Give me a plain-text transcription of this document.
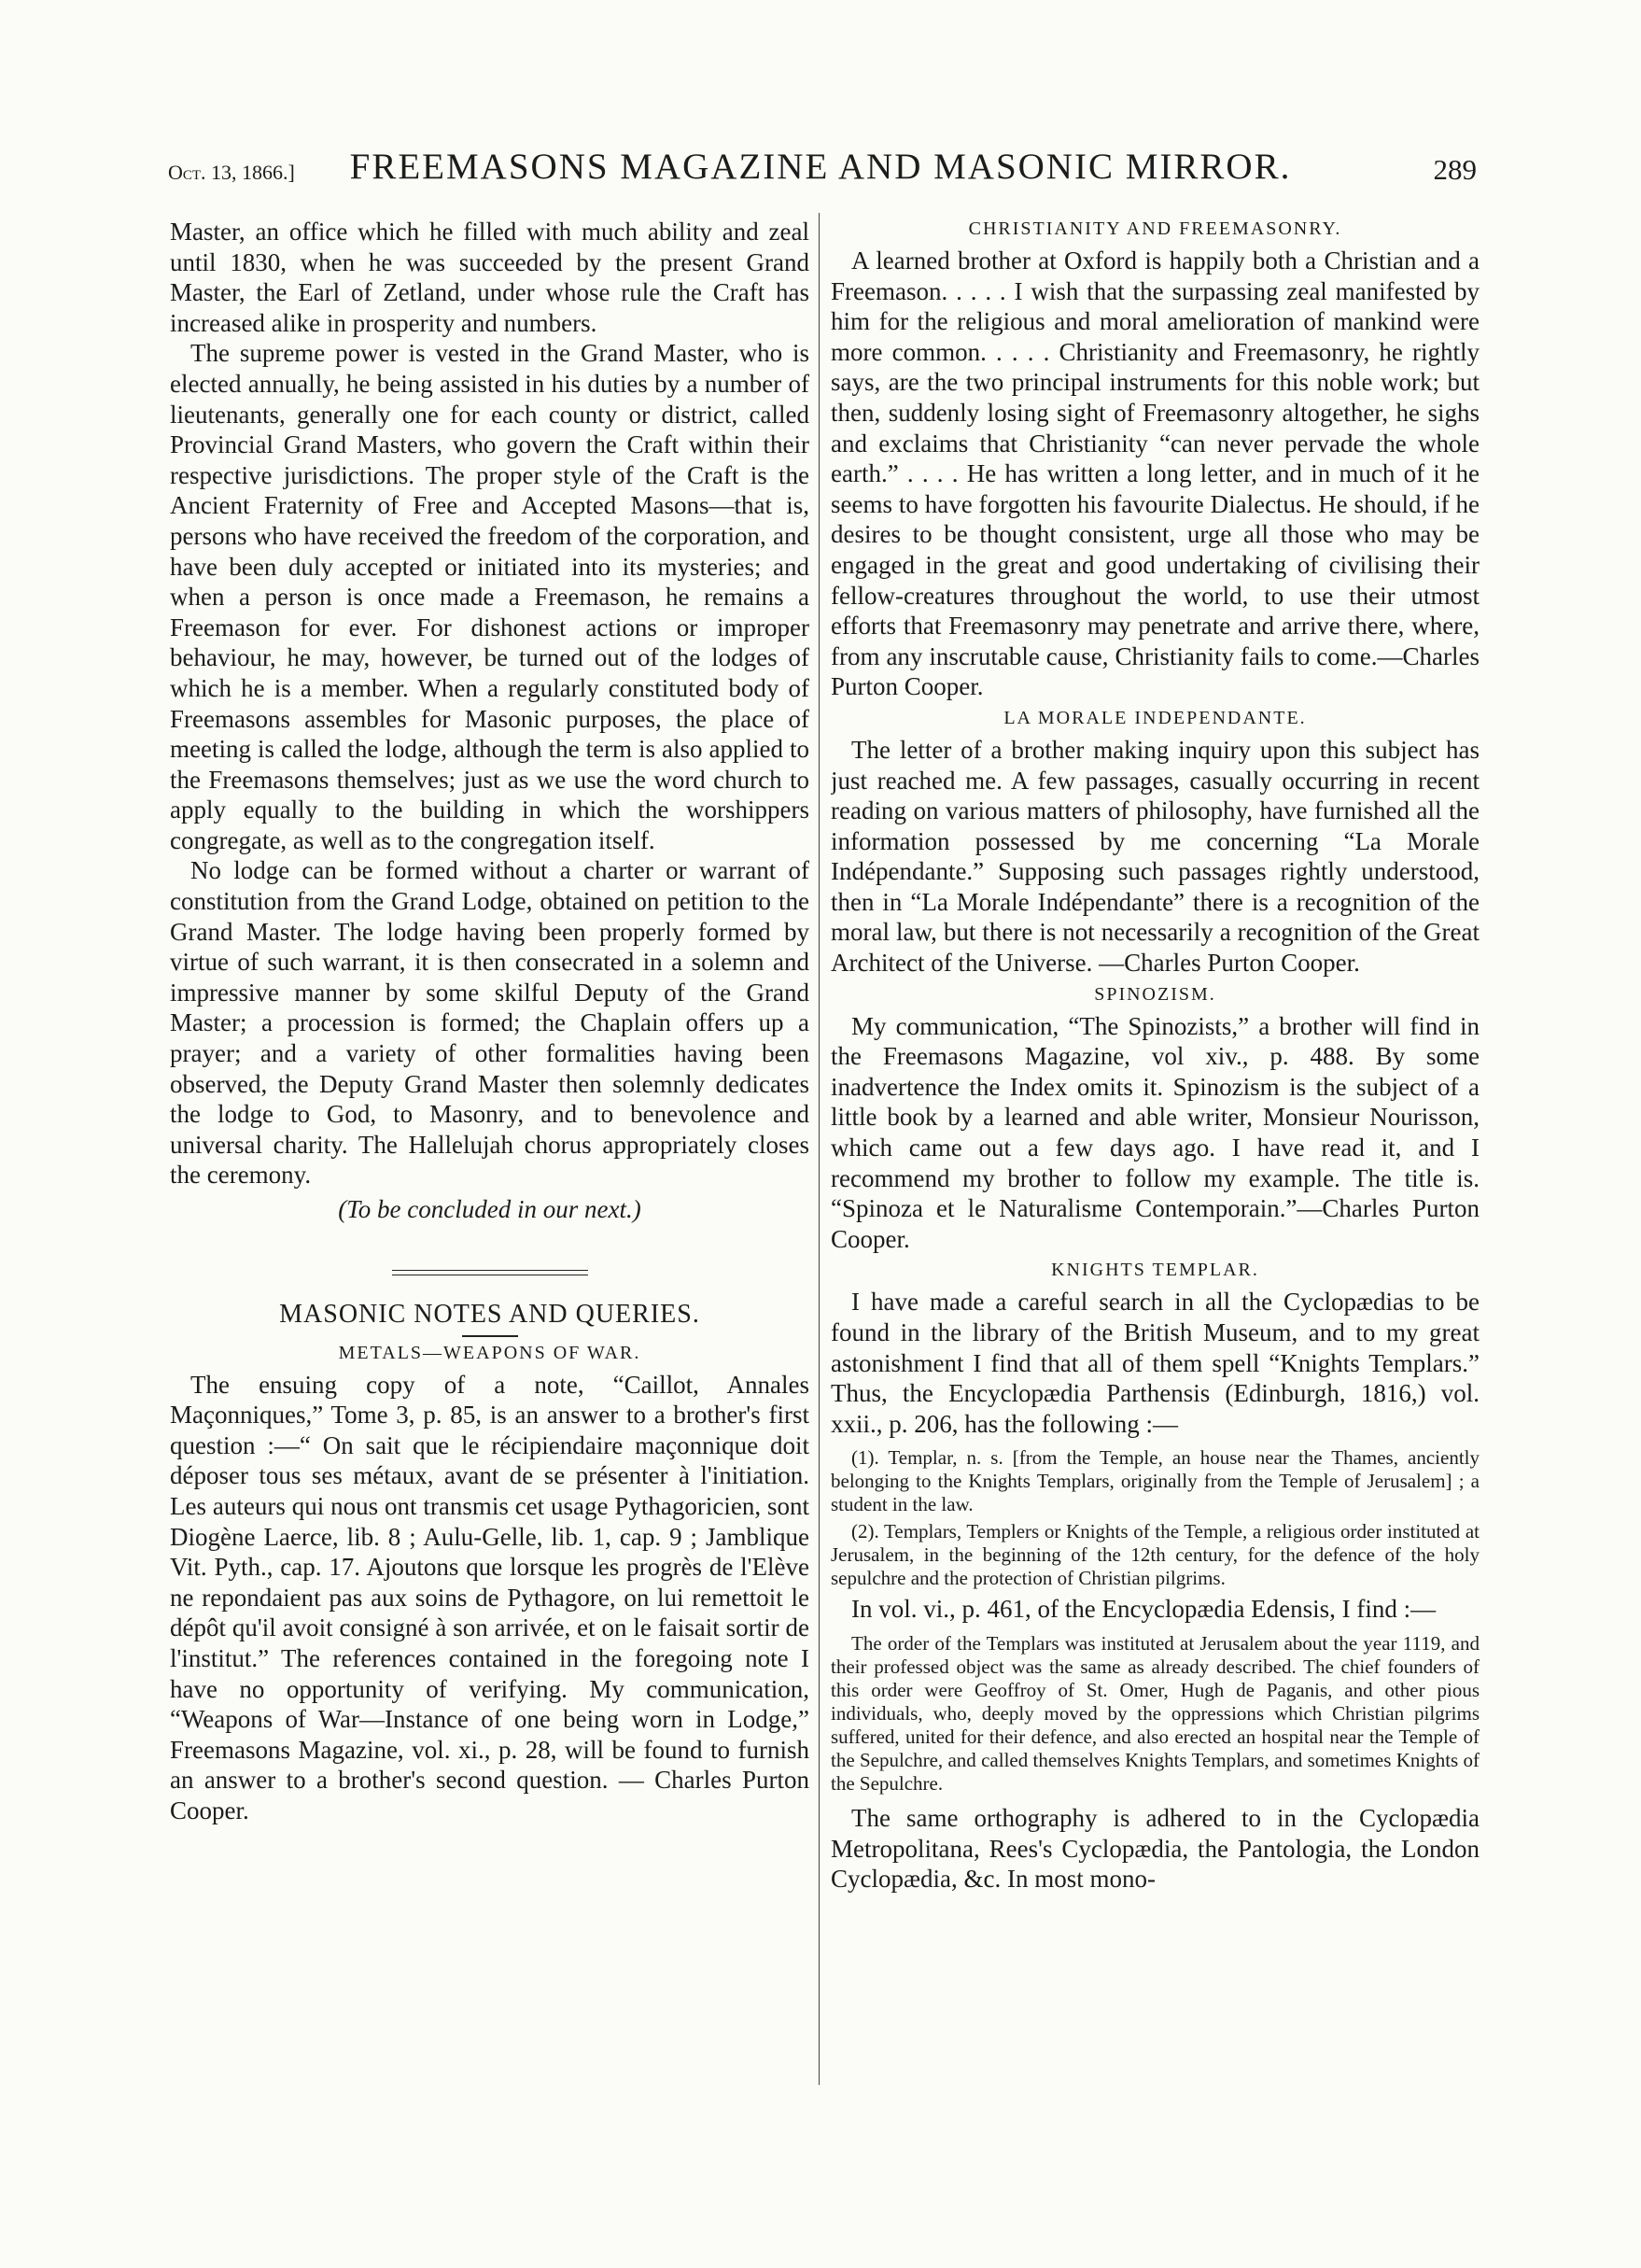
Oct. 13, 1866.]	FREEMASONS MAGAZINE AND MASONIC MIRROR.	289

Master, an office which he filled with much ability and zeal until 1830, when he was succeeded by the present Grand Master, the Earl of Zetland, under whose rule the Craft has increased alike in prosperity and numbers.

The supreme power is vested in the Grand Master, who is elected annually, he being assisted in his duties by a number of lieutenants, generally one for each county or district, called Provincial Grand Masters, who govern the Craft within their respective jurisdictions. The proper style of the Craft is the Ancient Fraternity of Free and Accepted Masons—that is, persons who have received the freedom of the corporation, and have been duly accepted or initiated into its mysteries; and when a person is once made a Freemason, he remains a Freemason for ever. For dishonest actions or improper behaviour, he may, however, be turned out of the lodges of which he is a member. When a regularly constituted body of Freemasons assembles for Masonic purposes, the place of meeting is called the lodge, although the term is also applied to the Freemasons themselves; just as we use the word church to apply equally to the building in which the worshippers congregate, as well as to the congregation itself.

No lodge can be formed without a charter or warrant of constitution from the Grand Lodge, obtained on petition to the Grand Master. The lodge having been properly formed by virtue of such warrant, it is then consecrated in a solemn and impressive manner by some skilful Deputy of the Grand Master; a procession is formed; the Chaplain offers up a prayer; and a variety of other formalities having been observed, the Deputy Grand Master then solemnly dedicates the lodge to God, to Masonry, and to benevolence and universal charity. The Hallelujah chorus appropriately closes the ceremony.

(To be concluded in our next.)

MASONIC NOTES AND QUERIES.
METALS—WEAPONS OF WAR.

The ensuing copy of a note, “Caillot, Annales Maçonniques,” Tome 3, p. 85, is an answer to a brother's first question :—“ On sait que le récipiendaire maçonnique doit déposer tous ses métaux, avant de se présenter à l'initiation. Les auteurs qui nous ont transmis cet usage Pythagoricien, sont Diogène Laerce, lib. 8 ; Aulu-Gelle, lib. 1, cap. 9 ; Jamblique Vit. Pyth., cap. 17. Ajoutons que lorsque les progrès de l'Elève ne repondaient pas aux soins de Pythagore, on lui remettoit le dépôt qu'il avoit consigné à son arrivée, et on le faisait sortir de l'institut.” The references contained in the foregoing note I have no opportunity of verifying. My communication, “Weapons of War—Instance of one being worn in Lodge,” Freemasons Magazine, vol. xi., p. 28, will be found to furnish an answer to a brother's second question. — Charles Purton Cooper.

CHRISTIANITY AND FREEMASONRY.

A learned brother at Oxford is happily both a Christian and a Freemason. . . . . I wish that the surpassing zeal manifested by him for the religious and moral amelioration of mankind were more common. . . . . Christianity and Freemasonry, he rightly says, are the two principal instruments for this noble work; but then, suddenly losing sight of Freemasonry altogether, he sighs and exclaims that Christianity “can never pervade the whole earth.” . . . . He has written a long letter, and in much of it he seems to have forgotten his favourite Dialectus. He should, if he desires to be thought consistent, urge all those who may be engaged in the great and good undertaking of civilising their fellow-creatures throughout the world, to use their utmost efforts that Freemasonry may penetrate and arrive there, where, from any inscrutable cause, Christianity fails to come.—Charles Purton Cooper.

LA MORALE INDEPENDANTE.

The letter of a brother making inquiry upon this subject has just reached me. A few passages, casually occurring in recent reading on various matters of philosophy, have furnished all the information possessed by me concerning “La Morale Indépendante.” Supposing such passages rightly understood, then in “La Morale Indépendante” there is a recognition of the moral law, but there is not necessarily a recognition of the Great Architect of the Universe. —Charles Purton Cooper.

SPINOZISM.

My communication, “The Spinozists,” a brother will find in the Freemasons Magazine, vol xiv., p. 488. By some inadvertence the Index omits it. Spinozism is the subject of a little book by a learned and able writer, Monsieur Nourisson, which came out a few days ago. I have read it, and I recommend my brother to follow my example. The title is. “Spinoza et le Naturalisme Contemporain.”—Charles Purton Cooper.

KNIGHTS TEMPLAR.

I have made a careful search in all the Cyclopædias to be found in the library of the British Museum, and to my great astonishment I find that all of them spell “Knights Templars.” Thus, the Encyclopædia Parthensis (Edinburgh, 1816,) vol. xxii., p. 206, has the following :—

(1). Templar, n. s. [from the Temple, an house near the Thames, anciently belonging to the Knights Templars, originally from the Temple of Jerusalem] ; a student in the law.

(2). Templars, Templers or Knights of the Temple, a religious order instituted at Jerusalem, in the beginning of the 12th century, for the defence of the holy sepulchre and the protection of Christian pilgrims.

In vol. vi., p. 461, of the Encyclopædia Edensis, I find :—

The order of the Templars was instituted at Jerusalem about the year 1119, and their professed object was the same as already described. The chief founders of this order were Geoffroy of St. Omer, Hugh de Paganis, and other pious individuals, who, deeply moved by the oppressions which Christian pilgrims suffered, united for their defence, and also erected an hospital near the Temple of the Sepulchre, and called themselves Knights Templars, and sometimes Knights of the Sepulchre.

The same orthography is adhered to in the Cyclopædia Metropolitana, Rees's Cyclopædia, the Pantologia, the London Cyclopædia, &c. In most mono-
